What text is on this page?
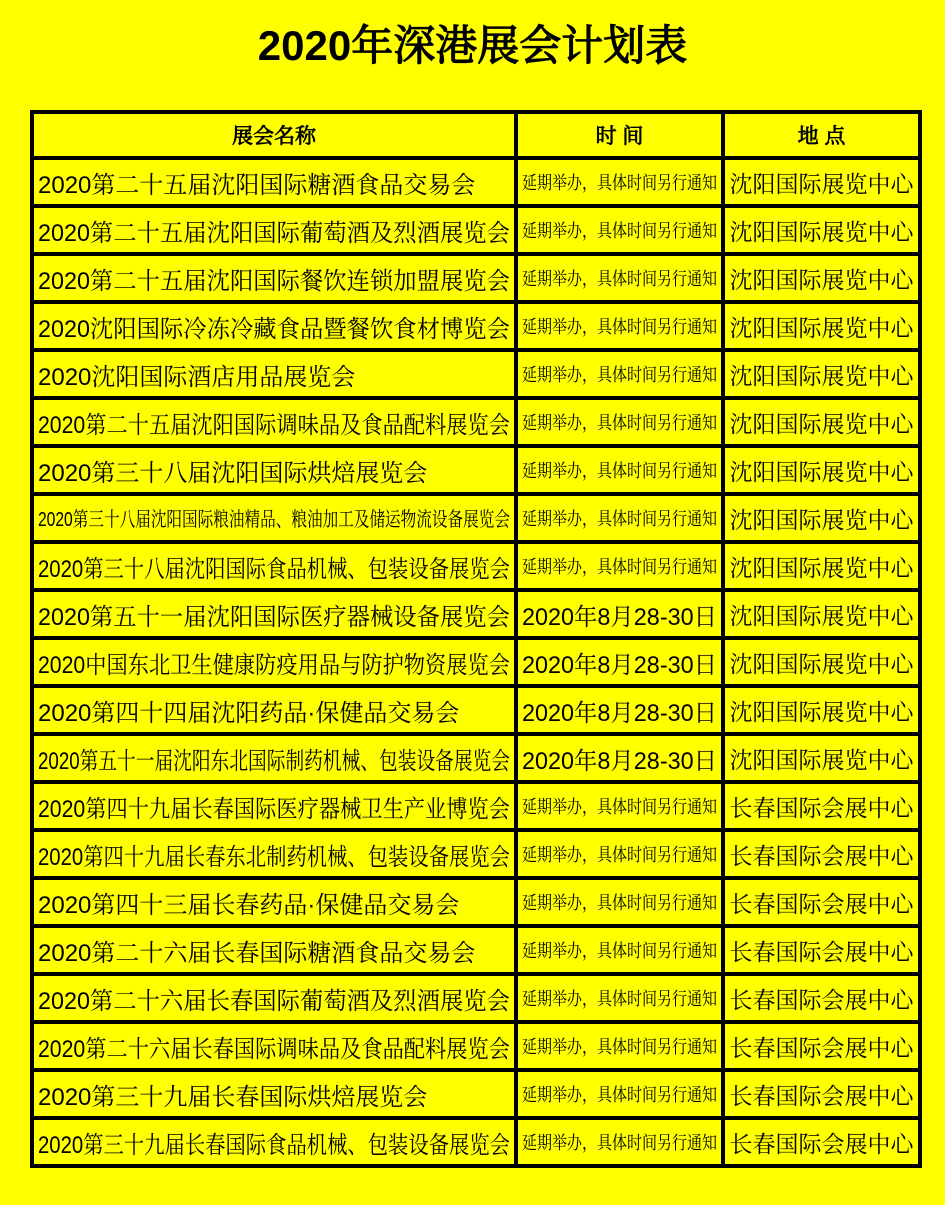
2020年深港展会计划表
展会名称	时 间	地 点
2020第二十五届沈阳国际糖酒食品交易会	延期举办，具体时间另行通知	沈阳国际展览中心
2020第二十五届沈阳国际葡萄酒及烈酒展览会	延期举办，具体时间另行通知	沈阳国际展览中心
2020第二十五届沈阳国际餐饮连锁加盟展览会	延期举办，具体时间另行通知	沈阳国际展览中心
2020沈阳国际冷冻冷藏食品暨餐饮食材博览会	延期举办，具体时间另行通知	沈阳国际展览中心
2020沈阳国际酒店用品展览会	延期举办，具体时间另行通知	沈阳国际展览中心
2020第二十五届沈阳国际调味品及食品配料展览会	延期举办，具体时间另行通知	沈阳国际展览中心
2020第三十八届沈阳国际烘焙展览会	延期举办，具体时间另行通知	沈阳国际展览中心
2020第三十八届沈阳国际粮油精品、粮油加工及储运物流设备展览会	延期举办，具体时间另行通知	沈阳国际展览中心
2020第三十八届沈阳国际食品机械、包装设备展览会	延期举办，具体时间另行通知	沈阳国际展览中心
2020第五十一届沈阳国际医疗器械设备展览会	2020年8月28-30日	沈阳国际展览中心
2020中国东北卫生健康防疫用品与防护物资展览会	2020年8月28-30日	沈阳国际展览中心
2020第四十四届沈阳药品·保健品交易会	2020年8月28-30日	沈阳国际展览中心
2020第五十一届沈阳东北国际制药机械、包装设备展览会	2020年8月28-30日	沈阳国际展览中心
2020第四十九届长春国际医疗器械卫生产业博览会	延期举办，具体时间另行通知	长春国际会展中心
2020第四十九届长春东北制药机械、包装设备展览会	延期举办，具体时间另行通知	长春国际会展中心
2020第四十三届长春药品·保健品交易会	延期举办，具体时间另行通知	长春国际会展中心
2020第二十六届长春国际糖酒食品交易会	延期举办，具体时间另行通知	长春国际会展中心
2020第二十六届长春国际葡萄酒及烈酒展览会	延期举办，具体时间另行通知	长春国际会展中心
2020第二十六届长春国际调味品及食品配料展览会	延期举办，具体时间另行通知	长春国际会展中心
2020第三十九届长春国际烘焙展览会	延期举办，具体时间另行通知	长春国际会展中心
2020第三十九届长春国际食品机械、包装设备展览会	延期举办，具体时间另行通知	长春国际会展中心
